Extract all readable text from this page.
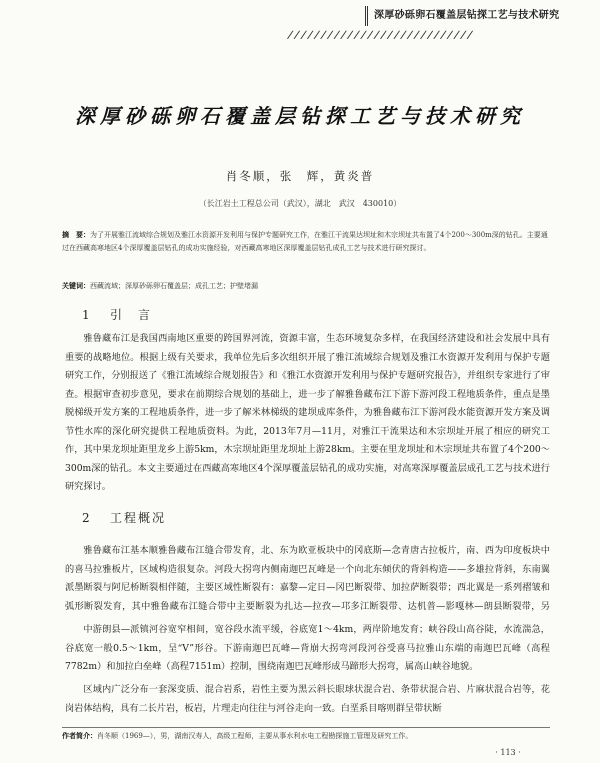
深厚砂砾卵石覆盖层钻探工艺与技术研究
////////////////////////////
深厚砂砾卵石覆盖层钻探工艺与技术研究
肖冬顺，张　辉，黄炎普
（长江岩土工程总公司（武汉），湖北　武汉　430010）

摘　要：为了开展雅江流域综合规划及雅江水资源开发利用与保护专题研究工作，在雅江干流果达坝址和木宗坝址共布置了4个200～300m深的钻孔。主要通过在西藏高寒地区4个深厚覆盖层钻孔的成功实施经验，对西藏高寒地区深厚覆盖层钻孔成孔工艺与技术进行研究探讨。

关键词：西藏流域；深厚砂砾卵石覆盖层；成孔工艺；护壁堵漏
1 引　言

雅鲁藏布江是我国西南地区重要的跨国界河流，资源丰富，生态环境复杂多样，在我国经济建设和社会发展中具有重要的战略地位。根据上级有关要求，我单位先后多次组织开展了雅江流域综合规划及雅江水资源开发利用与保护专题研究工作，分别报送了《雅江流域综合规划报告》和《雅江水资源开发利用与保护专题研究报告》，并组织专家进行了审查。根据审查初步意见，要求在前期综合规划的基础上，进一步了解雅鲁藏布江下游下游河段工程地质条件，重点是墨脱梯级开发方案的工程地质条件，进一步了解米林梯级的建坝成库条件，为雅鲁藏布江下游河段水能资源开发方案及调节性水库的深化研究提供工程地质资料。为此，2013年7月—11月，对雅江干流果达和木宗坝址开展了相应的研究工作，其中果龙坝址距里龙乡上游5km，木宗坝址距里龙坝址上游28km。主要在里龙坝址和木宗坝址共布置了4个200～300m深的钻孔。本文主要通过在西藏高寒地区4个深厚覆盖层钻孔的成功实施，对高寒深厚覆盖层成孔工艺与技术进行研究探讨。

2 工程概况

雅鲁藏布江基本顺雅鲁藏布江缝合带发育，北、东为欧亚板块中的冈底斯—念青唐古拉板片，南、西为印度板块中的喜马拉雅板片，区域构造很复杂。河段大拐弯内侧南迦巴瓦峰是一个向北东倾伏的背斜构造——多雄拉背斜，东南翼派墨断裂与阿尼桥断裂相伴随，主要区域性断裂有：嘉黎—定日—冈巴断裂带、加拉萨断裂带；西北翼是一系列褶皱和弧形断裂发育，其中雅鲁藏布江缝合带中主要断裂为扎达—拉孜—邛多江断裂带、达机普—影嘎林—朗县断裂带，另

中游朗县—派镇河谷宽窄相间，宽谷段水流平缓，谷底宽1～4km，两岸阶地发育；峡谷段山高谷陡，水流湍急，谷底宽一般0.5～1km，呈“V”形谷。下游南迦巴瓦峰—背崩大拐弯河段河谷受喜马拉雅山东端的南迦巴瓦峰（高程7782m）和加拉白垒峰（高程7151m）控制，围绕南迦巴瓦峰形成马蹄形大拐弯，属高山峡谷地貌。

区域内广泛分布一套深变质、混合岩系，岩性主要为黑云斜长眼球状混合岩、条带状混合岩、片麻状混合岩等，花岗岩体结构，具有二长片岩，板岩，片理走向往往与河谷走向一致。白垩系目喀则群呈带状断

作者简介：肖冬顺（1969—），男，湖南汉寿人，高级工程师，主要从事水利水电工程勘探施工管理及研究工作。
· 113 ·
